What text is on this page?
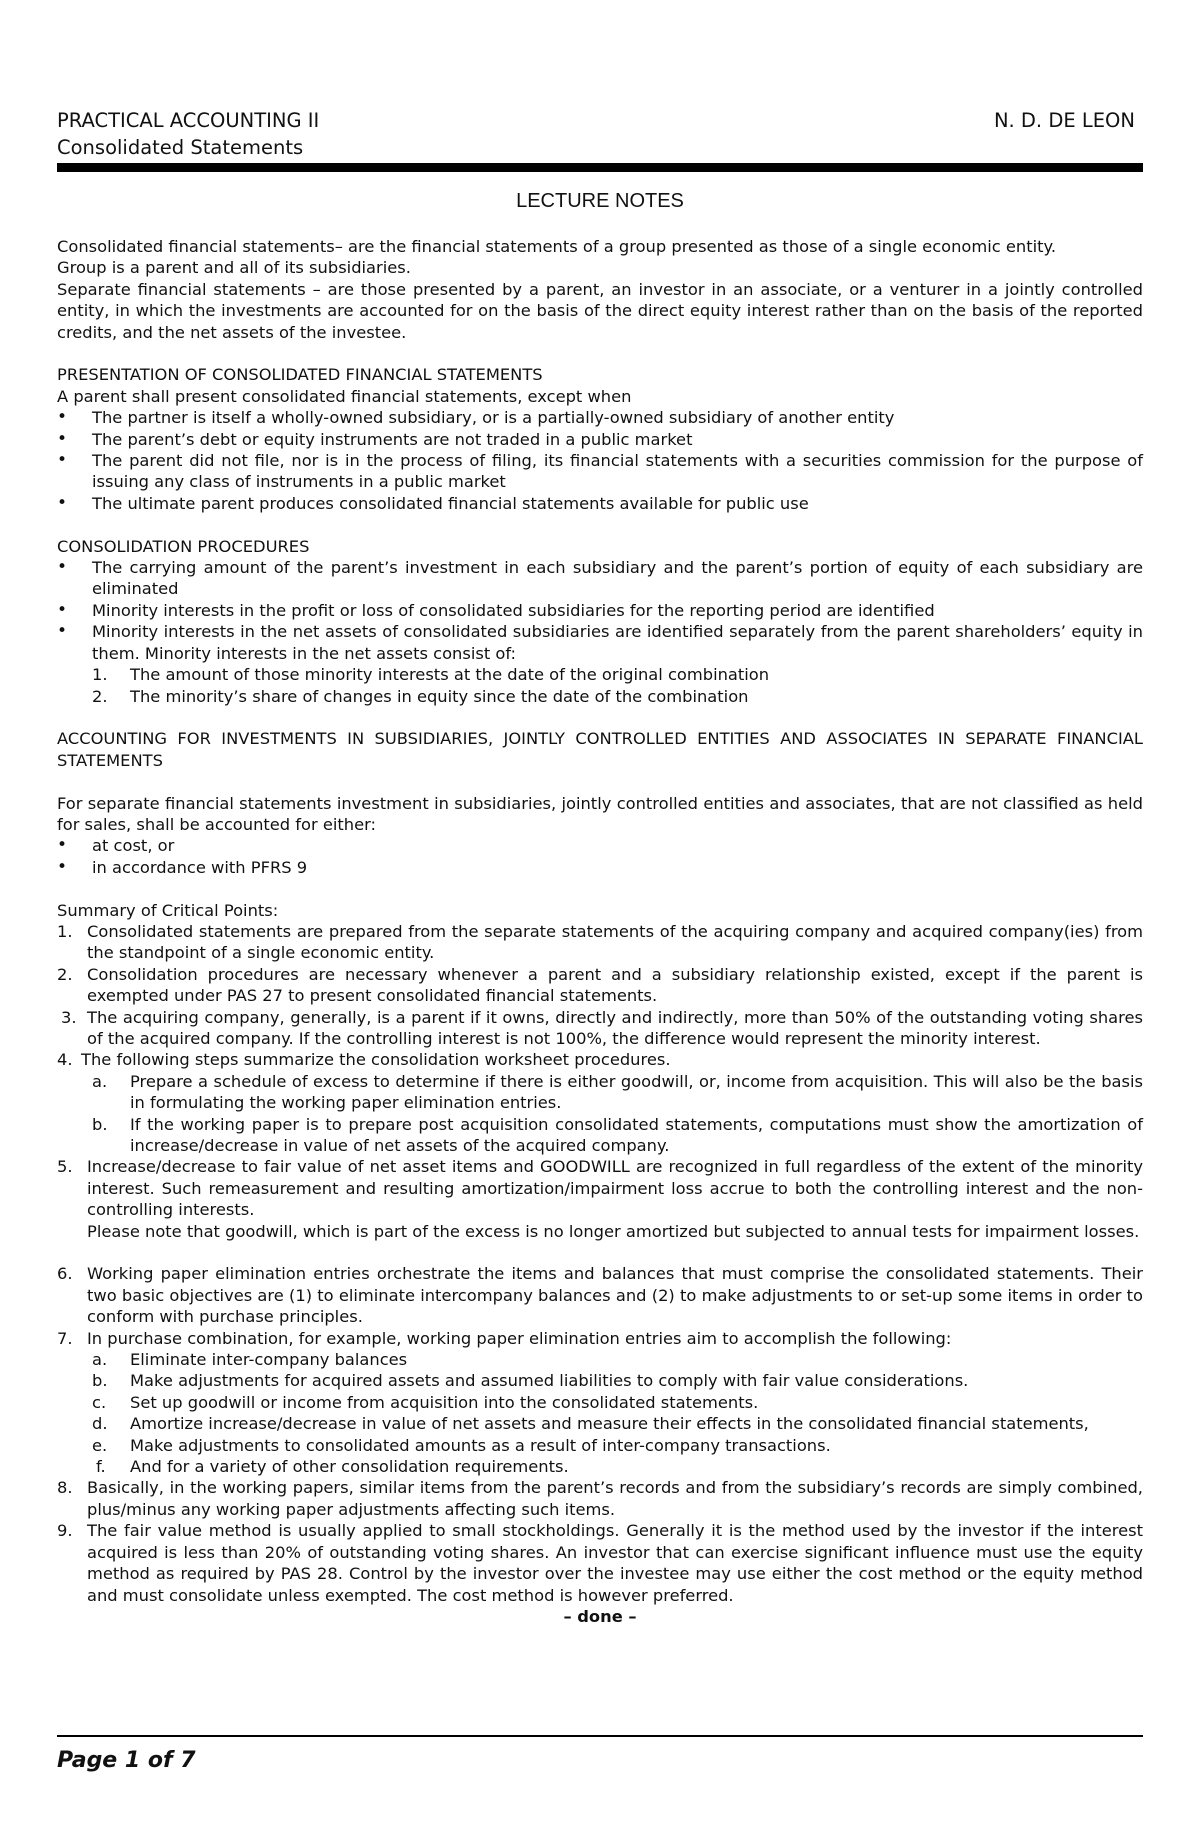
PRACTICAL ACCOUNTING II	N. D. DE LEON
Consolidated Statements
LECTURE NOTES

Consolidated financial statements– are the financial statements of a group presented as those of a single economic entity.

Group is a parent and all of its subsidiaries.

Separate financial statements – are those presented by a parent, an investor in an associate, or a venturer in a jointly controlled entity, in which the investments are accounted for on the basis of the direct equity interest rather than on the basis of the reported credits, and the net assets of the investee.

PRESENTATION OF CONSOLIDATED FINANCIAL STATEMENTS

A parent shall present consolidated financial statements, except when

• The partner is itself a wholly-owned subsidiary, or is a partially-owned subsidiary of another entity
• The parent’s debt or equity instruments are not traded in a public market
• The parent did not file, nor is in the process of filing, its financial statements with a securities commission for the purpose of issuing any class of instruments in a public market
• The ultimate parent produces consolidated financial statements available for public use

CONSOLIDATION PROCEDURES

• The carrying amount of the parent’s investment in each subsidiary and the parent’s portion of equity of each subsidiary are eliminated
• Minority interests in the profit or loss of consolidated subsidiaries for the reporting period are identified
• Minority interests in the net assets of consolidated subsidiaries are identified separately from the parent shareholders’ equity in them. Minority interests in the net assets consist of:
1.	The amount of those minority interests at the date of the original combination
2.	The minority’s share of changes in equity since the date of the combination

ACCOUNTING FOR INVESTMENTS IN SUBSIDIARIES, JOINTLY CONTROLLED ENTITIES AND ASSOCIATES IN SEPARATE FINANCIAL STATEMENTS

For separate financial statements investment in subsidiaries, jointly controlled entities and associates, that are not classified as held for sales, shall be accounted for either:

• at cost, or
• in accordance with PFRS 9

Summary of Critical Points:

1. Consolidated statements are prepared from the separate statements of the acquiring company and acquired company(ies) from the standpoint of a single economic entity.
2. Consolidation procedures are necessary whenever a parent and a subsidiary relationship existed, except if the parent is exempted under PAS 27 to present consolidated financial statements.
3. The acquiring company, generally, is a parent if it owns, directly and indirectly, more than 50% of the outstanding voting shares of the acquired company. If the controlling interest is not 100%, the difference would represent the minority interest.
4. The following steps summarize the consolidation worksheet procedures.
a.	Prepare a schedule of excess to determine if there is either goodwill, or, income from acquisition. This will also be the basis in formulating the working paper elimination entries.
b.	If the working paper is to prepare post acquisition consolidated statements, computations must show the amortization of increase/decrease in value of net assets of the acquired company.
5. Increase/decrease to fair value of net asset items and GOODWILL are recognized in full regardless of the extent of the minority interest. Such remeasurement and resulting amortization/impairment loss accrue to both the controlling interest and the non-controlling interests.

Please note that goodwill, which is part of the excess is no longer amortized but subjected to annual tests for impairment losses.

6. Working paper elimination entries orchestrate the items and balances that must comprise the consolidated statements. Their two basic objectives are (1) to eliminate intercompany balances and (2) to make adjustments to or set-up some items in order to conform with purchase principles.
7. In purchase combination, for example, working paper elimination entries aim to accomplish the following:
a.	Eliminate inter-company balances
b.	Make adjustments for acquired assets and assumed liabilities to comply with fair value considerations.
c.	Set up goodwill or income from acquisition into the consolidated statements.
d.	Amortize increase/decrease in value of net assets and measure their effects in the consolidated financial statements,
e.	Make adjustments to consolidated amounts as a result of inter-company transactions.
f.	And for a variety of other consolidation requirements.
8. Basically, in the working papers, similar items from the parent’s records and from the subsidiary’s records are simply combined, plus/minus any working paper adjustments affecting such items.
9. The fair value method is usually applied to small stockholdings. Generally it is the method used by the investor if the interest acquired is less than 20% of outstanding voting shares. An investor that can exercise significant influence must use the equity method as required by PAS 28. Control by the investor over the investee may use either the cost method or the equity method and must consolidate unless exempted. The cost method is however preferred.

– done –

Page 1 of 7
